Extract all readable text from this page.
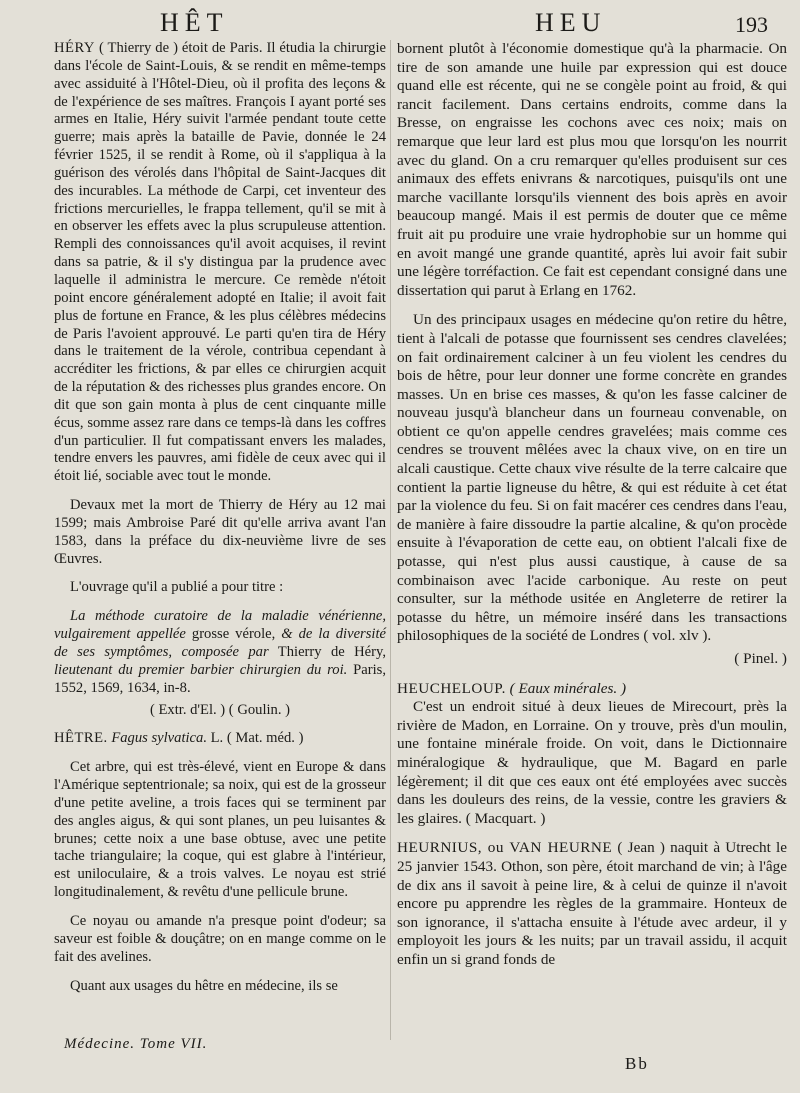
HÊT	HEU	193

HÉRY ( Thierry de ) étoit de Paris. Il étudia la chirurgie dans l'école de Saint-Louis, & se rendit en même-temps avec assiduité à l'Hôtel-Dieu, où il profita des leçons & de l'expérience de ses maîtres. François I ayant porté ses armes en Italie, Héry suivit l'armée pendant toute cette guerre; mais après la bataille de Pavie, donnée le 24 février 1525, il se rendit à Rome, où il s'appliqua à la guérison des vérolés dans l'hôpital de Saint-Jacques dit des incurables. La méthode de Carpi, cet inventeur des frictions mercurielles, le frappa tellement, qu'il se mit à en observer les effets avec la plus scrupuleuse attention. Rempli des connoissances qu'il avoit acquises, il revint dans sa patrie, & il s'y distingua par la prudence avec laquelle il administra le mercure. Ce remède n'étoit point encore généralement adopté en Italie; il avoit fait plus de fortune en France, & les plus célèbres médecins de Paris l'avoient approuvé. Le parti qu'en tira de Héry dans le traitement de la vérole, contribua cependant à accréditer les frictions, & par elles ce chirurgien acquit de la réputation & des richesses plus grandes encore. On dit que son gain monta à plus de cent cinquante mille écus, somme assez rare dans ce temps-là dans les coffres d'un particulier. Il fut compatissant envers les malades, tendre envers les pauvres, ami fidèle de ceux avec qui il étoit lié, sociable avec tout le monde.

Devaux met la mort de Thierry de Héry au 12 mai 1599; mais Ambroise Paré dit qu'elle arriva avant l'an 1583, dans la préface du dix-neuvième livre de ses Œuvres.

L'ouvrage qu'il a publié a pour titre :

La méthode curatoire de la maladie vénérienne, vulgairement appellée grosse vérole, & de la diversité de ses symptômes, composée par Thierry de Héry, lieutenant du premier barbier chirurgien du roi. Paris, 1552, 1569, 1634, in-8.

( Extr. d'El. ) ( Goulin. )

HÊTRE. Fagus sylvatica. L. ( Mat. méd. )

Cet arbre, qui est très-élevé, vient en Europe & dans l'Amérique septentrionale; sa noix, qui est de la grosseur d'une petite aveline, a trois faces qui se terminent par des angles aigus, & qui sont planes, un peu luisantes & brunes; cette noix a une base obtuse, avec une petite tache triangulaire; la coque, qui est glabre à l'intérieur, est uniloculaire, & a trois valves. Le noyau est strié longitudinalement, & revêtu d'une pellicule brune.

Ce noyau ou amande n'a presque point d'odeur; sa saveur est foible & douçâtre; on en mange comme on le fait des avelines.

Quant aux usages du hêtre en médecine, ils se

bornent plutôt à l'économie domestique qu'à la pharmacie. On tire de son amande une huile par expression qui est douce quand elle est récente, qui ne se congèle point au froid, & qui rancit facilement. Dans certains endroits, comme dans la Bresse, on engraisse les cochons avec ces noix; mais on remarque que leur lard est plus mou que lorsqu'on les nourrit avec du gland. On a cru remarquer qu'elles produisent sur ces animaux des effets enivrans & narcotiques, puisqu'ils ont une marche vacillante lorsqu'ils viennent des bois après en avoir beaucoup mangé. Mais il est permis de douter que ce même fruit ait pu produire une vraie hydrophobie sur un homme qui en avoit mangé une grande quantité, après lui avoir fait subir une légère torréfaction. Ce fait est cependant consigné dans une dissertation qui parut à Erlang en 1762.

Un des principaux usages en médecine qu'on retire du hêtre, tient à l'alcali de potasse que fournissent ses cendres clavelées; on fait ordinairement calciner à un feu violent les cendres du bois de hêtre, pour leur donner une forme concrète en grandes masses. Un en brise ces masses, & qu'on les fasse calciner de nouveau jusqu'à blancheur dans un fourneau convenable, on obtient ce qu'on appelle cendres gravelées; mais comme ces cendres se trouvent mêlées avec la chaux vive, on en tire un alcali caustique. Cette chaux vive résulte de la terre calcaire que contient la partie ligneuse du hêtre, & qui est réduite à cet état par la violence du feu. Si on fait macérer ces cendres dans l'eau, de manière à faire dissoudre la partie alcaline, & qu'on procède ensuite à l'évaporation de cette eau, on obtient l'alcali fixe de potasse, qui n'est plus aussi caustique, à cause de sa combinaison avec l'acide carbonique. Au reste on peut consulter, sur la méthode usitée en Angleterre de retirer la potasse du hêtre, un mémoire inséré dans les transactions philosophiques de la société de Londres ( vol. xlv ).

( Pinel. )

HEUCHELOUP. ( Eaux minérales. )

C'est un endroit situé à deux lieues de Mirecourt, près la rivière de Madon, en Lorraine. On y trouve, près d'un moulin, une fontaine minérale froide. On voit, dans le Dictionnaire minéralogique & hydraulique, que M. Bagard en parle légèrement; il dit que ces eaux ont été employées avec succès dans les douleurs des reins, de la vessie, contre les graviers & les glaires. ( Macquart. )

HEURNIUS, ou VAN HEURNE ( Jean ) naquit à Utrecht le 25 janvier 1543. Othon, son père, étoit marchand de vin; à l'âge de dix ans il savoit à peine lire, & à celui de quinze il n'avoit encore pu apprendre les règles de la grammaire. Honteux de son ignorance, il s'attacha ensuite à l'étude avec ardeur, il y employoit les jours & les nuits; par un travail assidu, il acquit enfin un si grand fonds de

Médecine. Tome VII.
Bb
